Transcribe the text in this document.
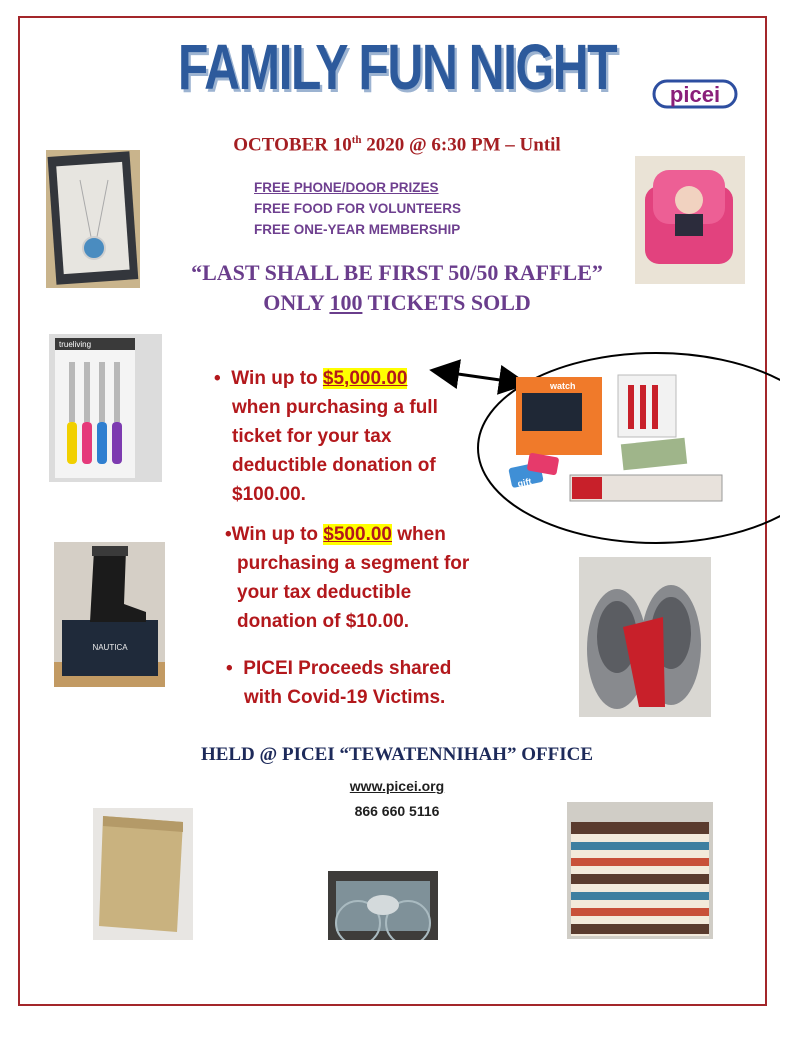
FAMILY FUN NIGHT	picei
OCTOBER 10th 2020 @ 6:30 PM – Until
FREE PHONE/DOOR PRIZES
FREE FOOD FOR VOLUNTEERS
FREE ONE-YEAR MEMBERSHIP
“LAST SHALL BE FIRST 50/50 RAFFLE”
ONLY 100 TICKETS SOLD
• Win up to $5,000.00
when purchasing a full
ticket for your tax
deductible donation of
$100.00.
•Win up to $500.00 when
purchasing a segment for
your tax deductible
donation of $10.00.
• PICEI Proceeds shared
with Covid-19 Victims.
HELD @ PICEI “TEWATENNIHAH” OFFICE
www.picei.org
866 660 5116
trueliving
NAUTICA
watch
gift
